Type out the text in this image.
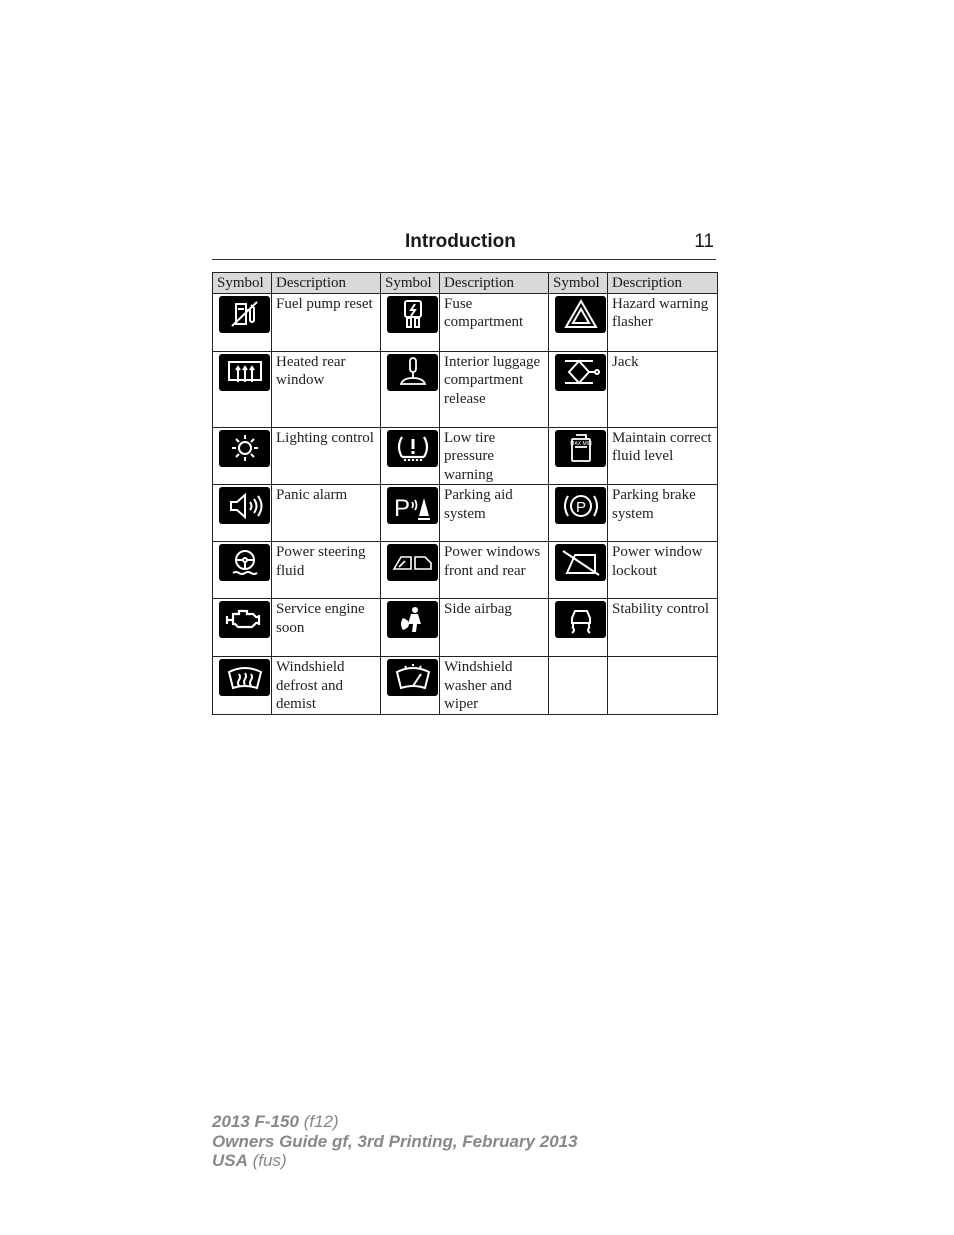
Introduction	11
Symbol	Description	Symbol	Description	Symbol	Description

	Fuel pump reset		Fuse compartment		Hazard warning flasher

	Heated rear window		Interior luggage compartment release		Jack

	Lighting control		Low tire pressure warning	MAX MIN	Maintain correct fluid level

	Panic alarm	P	Parking aid system	P	Parking brake system

	Power steering fluid		Power windows front and rear		Power window lockout

	Service engine soon		Side airbag		Stability control

	Windshield defrost and demist		Windshield washer and wiper		
2013 F-150 (f12)
Owners Guide gf, 3rd Printing, February 2013
USA (fus)
